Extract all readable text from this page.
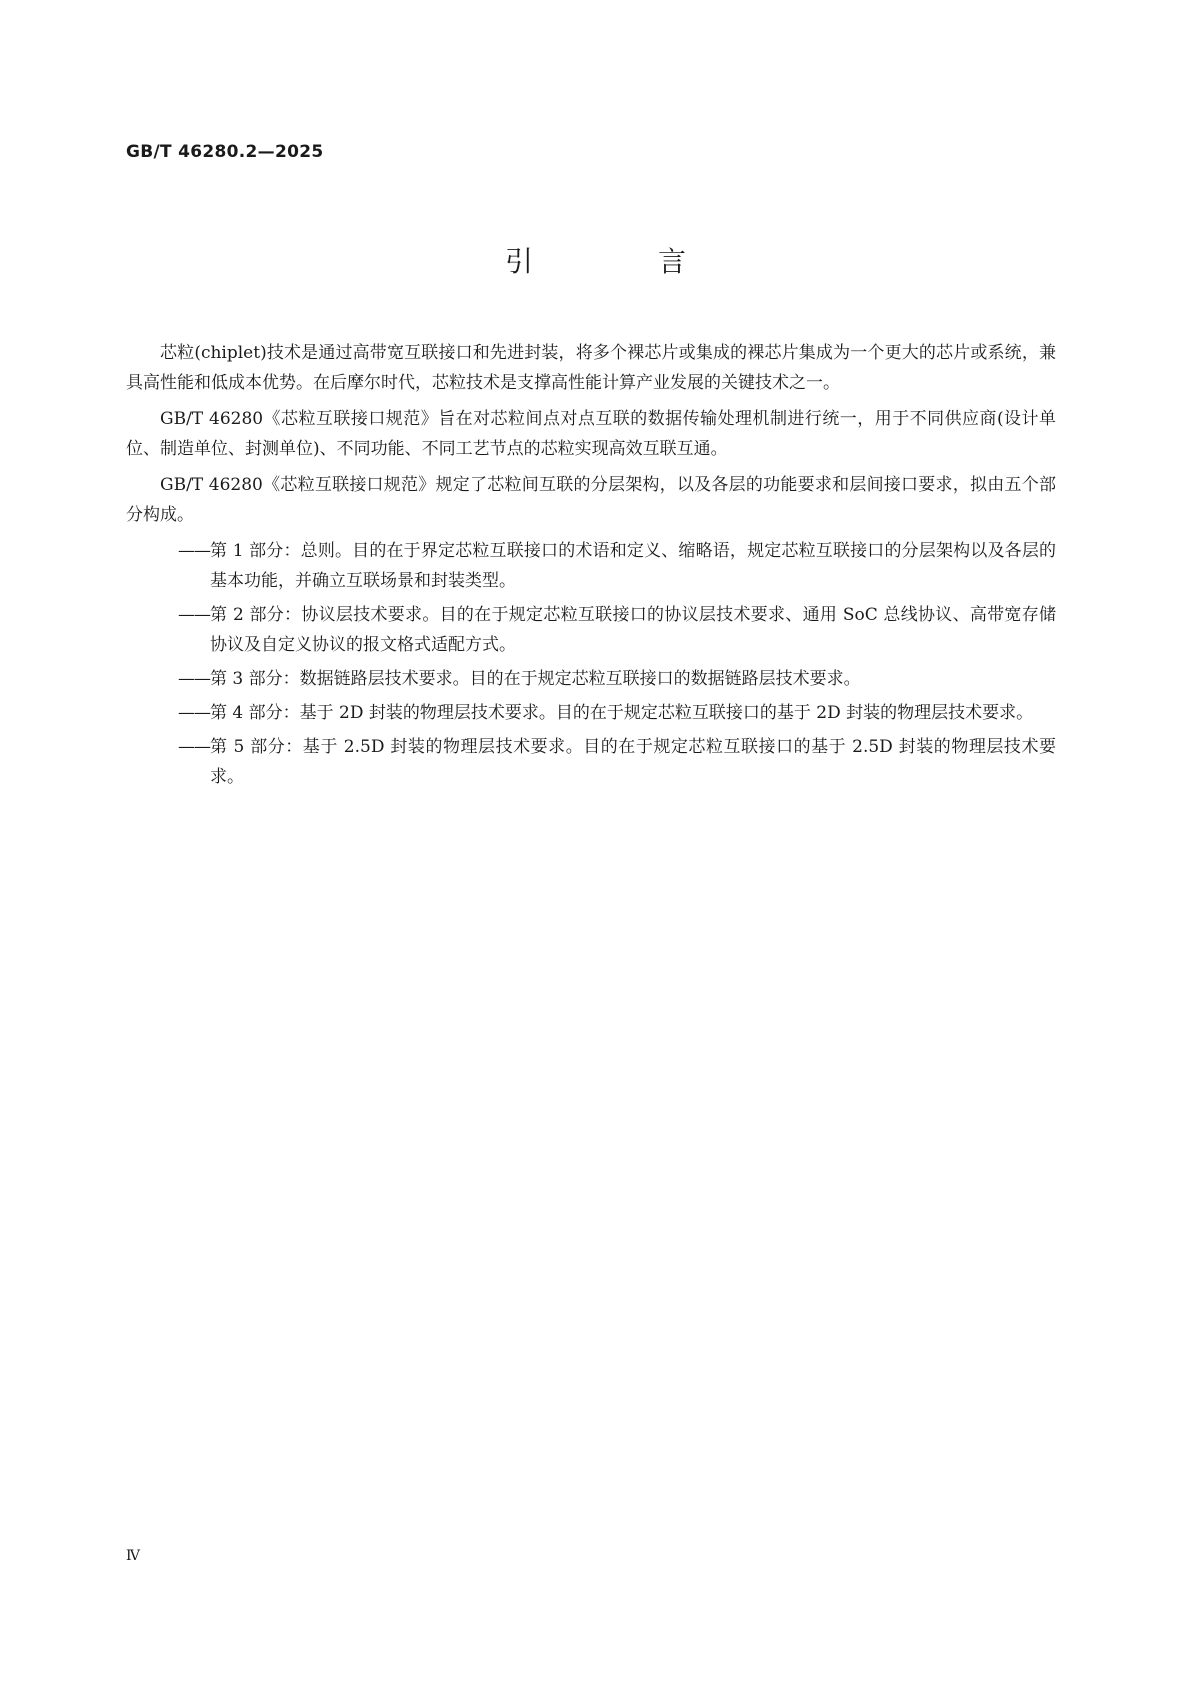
GB/T 46280.2—2025
引 言

芯粒(chiplet)技术是通过高带宽互联接口和先进封装，将多个裸芯片或集成的裸芯片集成为一个更大的芯片或系统，兼具高性能和低成本优势。在后摩尔时代，芯粒技术是支撑高性能计算产业发展的关键技术之一。

GB/T 46280《芯粒互联接口规范》旨在对芯粒间点对点互联的数据传输处理机制进行统一，用于不同供应商(设计单位、制造单位、封测单位)、不同功能、不同工艺节点的芯粒实现高效互联互通。

GB/T 46280《芯粒互联接口规范》规定了芯粒间互联的分层架构，以及各层的功能要求和层间接口要求，拟由五个部分构成。

—— 第 1 部分：总则。目的在于界定芯粒互联接口的术语和定义、缩略语，规定芯粒互联接口的分层架构以及各层的基本功能，并确立互联场景和封装类型。
—— 第 2 部分：协议层技术要求。目的在于规定芯粒互联接口的协议层技术要求、通用 SoC 总线协议、高带宽存储协议及自定义协议的报文格式适配方式。
—— 第 3 部分：数据链路层技术要求。目的在于规定芯粒互联接口的数据链路层技术要求。
—— 第 4 部分：基于 2D 封装的物理层技术要求。目的在于规定芯粒互联接口的基于 2D 封装的物理层技术要求。
—— 第 5 部分：基于 2.5D 封装的物理层技术要求。目的在于规定芯粒互联接口的基于 2.5D 封装的物理层技术要求。
Ⅳ
